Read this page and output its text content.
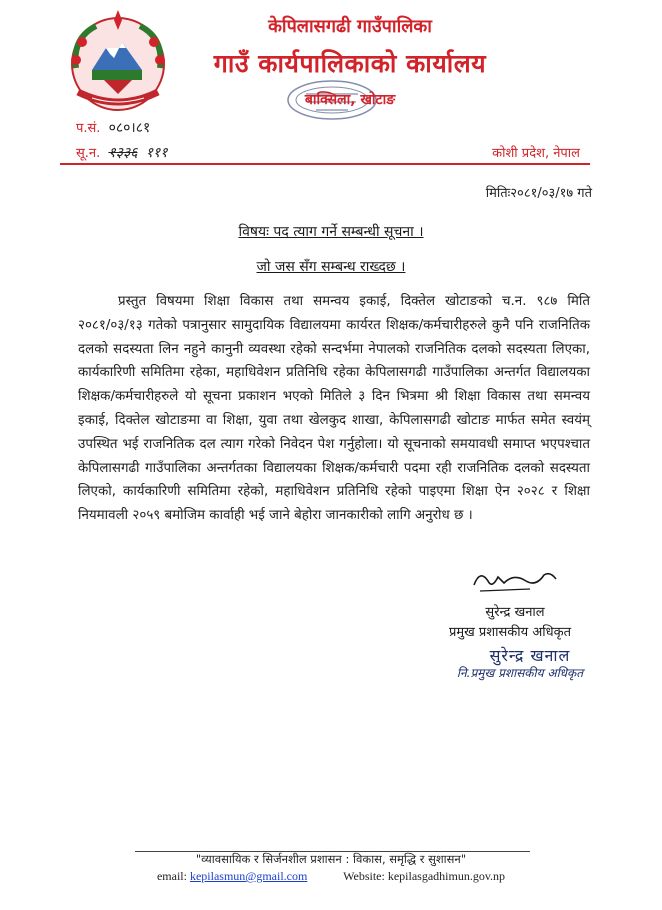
केपिलासगढी गाउँपालिका
गाउँ कार्यपालिकाको कार्यालय
बाक्सिला, खोटाङ
प.सं. ०८०।८१
सू.न. १३३६ १११	कोशी प्रदेश, नेपाल
मितिः२०८१/०३/१७ गते
विषयः पद त्याग गर्ने सम्बन्धी सूचना ।
जो जस सँग सम्बन्ध राख्दछ ।
प्रस्तुत विषयमा शिक्षा विकास तथा समन्वय इकाई, दिक्तेल खोटाङको च.न. ९८७ मिति २०८१/०३/१३ गतेको पत्रानुसार सामुदायिक विद्यालयमा कार्यरत शिक्षक/कर्मचारीहरुले कुनै पनि राजनितिक दलको सदस्यता लिन नहुने कानुनी व्यवस्था रहेको सन्दर्भमा नेपालको राजनितिक दलको सदस्यता लिएका, कार्यकारिणी समितिमा रहेका, महाधिवेशन प्रतिनिधि रहेका केपिलासगढी गाउँपालिका अन्तर्गत विद्यालयका शिक्षक/कर्मचारीहरुले यो सूचना प्रकाशन भएको मितिले ३ दिन भित्रमा श्री शिक्षा विकास तथा समन्वय इकाई, दिक्तेल खोटाङमा वा शिक्षा, युवा तथा खेलकुद शाखा, केपिलासगढी खोटाङ मार्फत समेत स्वयंम् उपस्थित भई राजनितिक दल त्याग गरेको निवेदन पेश गर्नुहोला। यो सूचनाको समयावधी समाप्त भएपश्चात केपिलासगढी गाउँपालिका अन्तर्गतका विद्यालयका शिक्षक/कर्मचारी पदमा रही राजनितिक दलको सदस्यता लिएको, कार्यकारिणी समितिमा रहेको, महाधिवेशन प्रतिनिधि रहेको पाइएमा शिक्षा ऐन २०२८ र शिक्षा नियमावली २०५९ बमोजिम कार्वाही भई जाने बेहोरा जानकारीको लागि अनुरोध छ ।
सुरेन्द्र खनाल
प्रमुख प्रशासकीय अधिकृत
सुरेन्द्र खनाल
नि.प्रमुख प्रशासकीय अधिकृत
"व्यावसायिक र सिर्जनशील प्रशासन : विकास, समृद्धि र सुशासन"
email: kepilasmun@gmail.com	Website: kepilasgadhimun.gov.np
